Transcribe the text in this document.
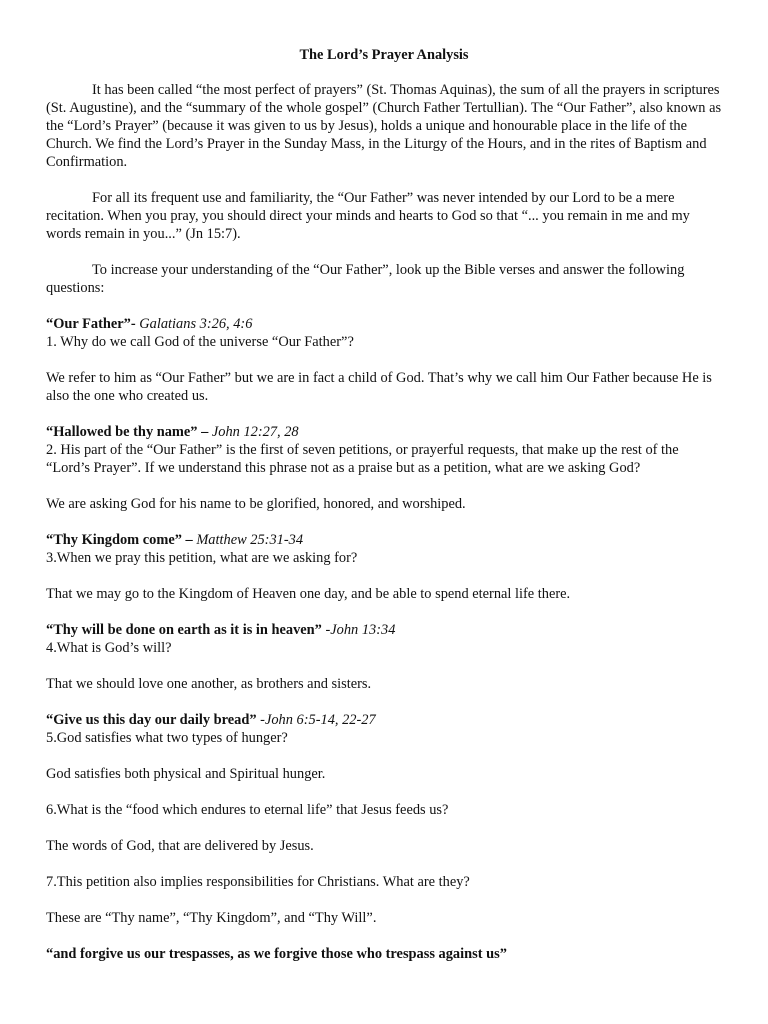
The Lord’s Prayer Analysis

It has been called “the most perfect of prayers” (St. Thomas Aquinas), the sum of all the prayers in scriptures (St. Augustine), and the “summary of the whole gospel” (Church Father Tertullian). The “Our Father”, also known as the “Lord’s Prayer” (because it was given to us by Jesus), holds a unique and honourable place in the life of the Church. We find the Lord’s Prayer in the Sunday Mass, in the Liturgy of the Hours, and in the rites of Baptism and Confirmation.

For all its frequent use and familiarity, the “Our Father” was never intended by our Lord to be a mere recitation. When you pray, you should direct your minds and hearts to God so that “... you remain in me and my words remain in you...” (Jn 15:7).

To increase your understanding of the “Our Father”, look up the Bible verses and answer the following questions:

“Our Father”- Galatians 3:26, 4:6

1. Why do we call God of the universe “Our Father”?

We refer to him as “Our Father” but we are in fact a child of God. That’s why we call him Our Father because He is also the one who created us.

“Hallowed be thy name” – John 12:27, 28

2. His part of the “Our Father” is the first of seven petitions, or prayerful requests, that make up the rest of the “Lord’s Prayer”. If we understand this phrase not as a praise but as a petition, what are we asking God?

We are asking God for his name to be glorified, honored, and worshiped.

“Thy Kingdom come” – Matthew 25:31-34

3.When we pray this petition, what are we asking for?

That we may go to the Kingdom of Heaven one day, and be able to spend eternal life there.

“Thy will be done on earth as it is in heaven” -John 13:34

4.What is God’s will?

That we should love one another, as brothers and sisters.

“Give us this day our daily bread” -John 6:5-14, 22-27

5.God satisfies what two types of hunger?

God satisfies both physical and Spiritual hunger.

6.What is the “food which endures to eternal life” that Jesus feeds us?

The words of God, that are delivered by Jesus.

7.This petition also implies responsibilities for Christians. What are they?

These are “Thy name”, “Thy Kingdom”, and “Thy Will”.

“and forgive us our trespasses, as we forgive those who trespass against us”
